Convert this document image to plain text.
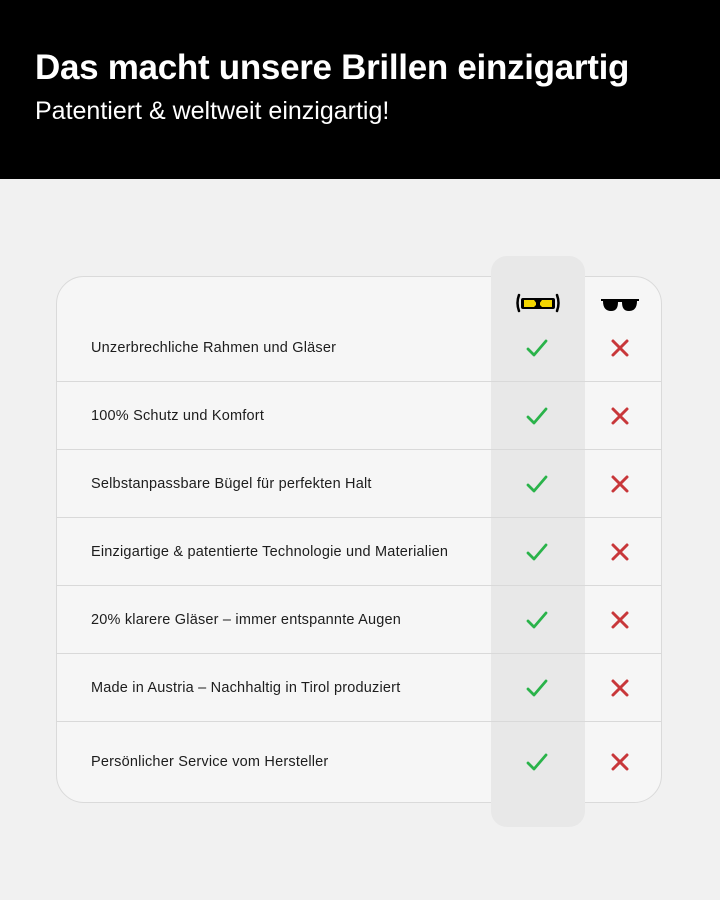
Das macht unsere Brillen einzigartig

Patentiert & weltweit einzigartig!

Unzerbrechliche Rahmen und Gläser
100% Schutz und Komfort
Selbstanpassbare Bügel für perfekten Halt
Einzigartige & patentierte Technologie und Materialien
20% klarere Gläser – immer entspannte Augen
Made in Austria – Nachhaltig in Tirol produziert
Persönlicher Service vom Hersteller
